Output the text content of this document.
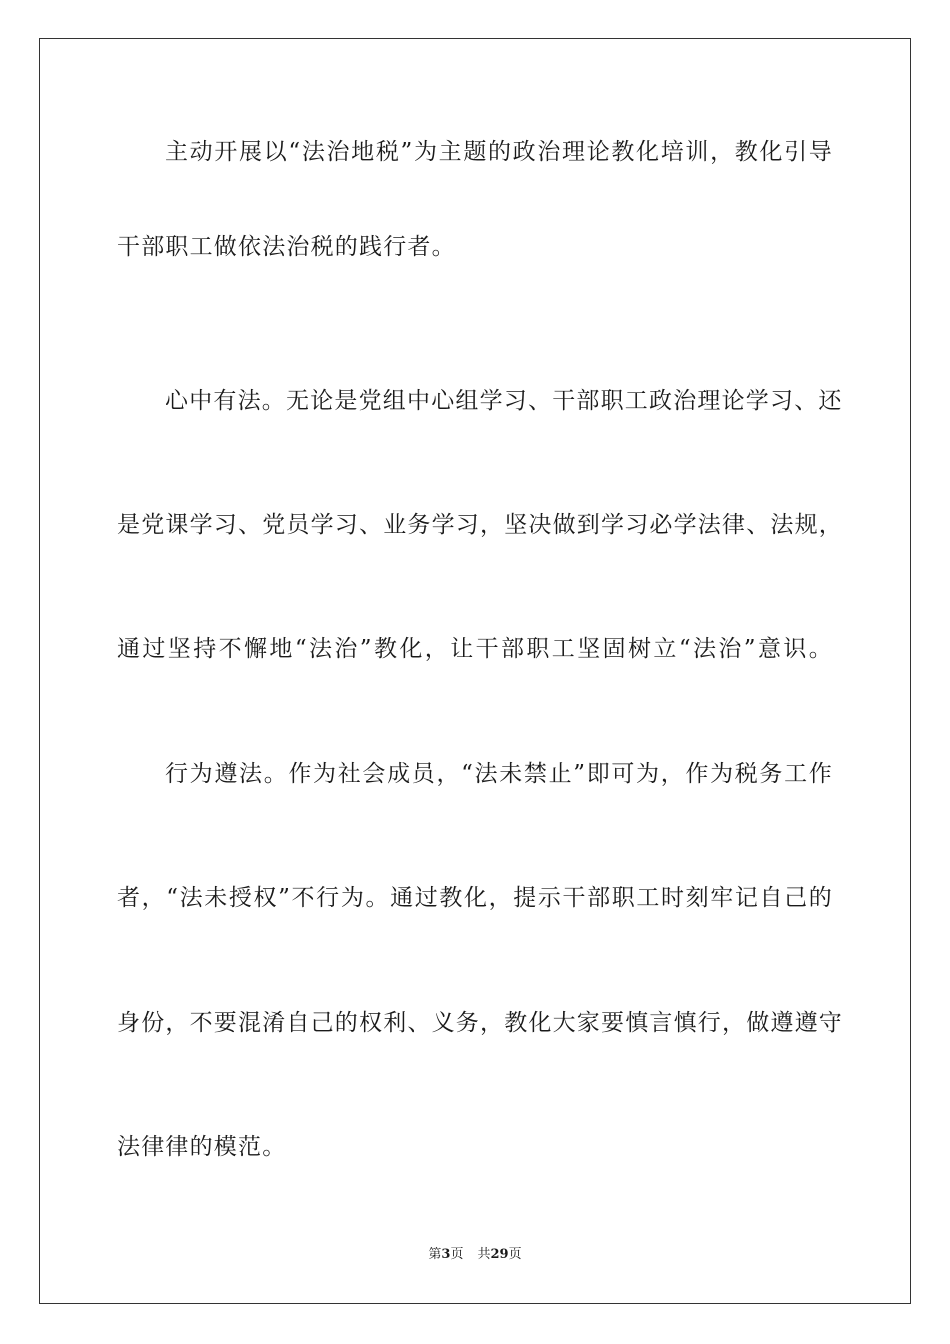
主动开展以“法治地税”为主题的政治理论教化培训，教化引导
干部职工做依法治税的践行者。
心中有法。无论是党组中心组学习、干部职工政治理论学习、还
是党课学习、党员学习、业务学习，坚决做到学习必学法律、法规，
通过坚持不懈地“法治”教化，让干部职工坚固树立“法治”意识。
行为遵法。作为社会成员，“法未禁止”即可为，作为税务工作
者，“法未授权”不行为。通过教化，提示干部职工时刻牢记自己的
身份，不要混淆自己的权利、义务，教化大家要慎言慎行，做遵遵守
法律律的模范。
第3页 共29页
